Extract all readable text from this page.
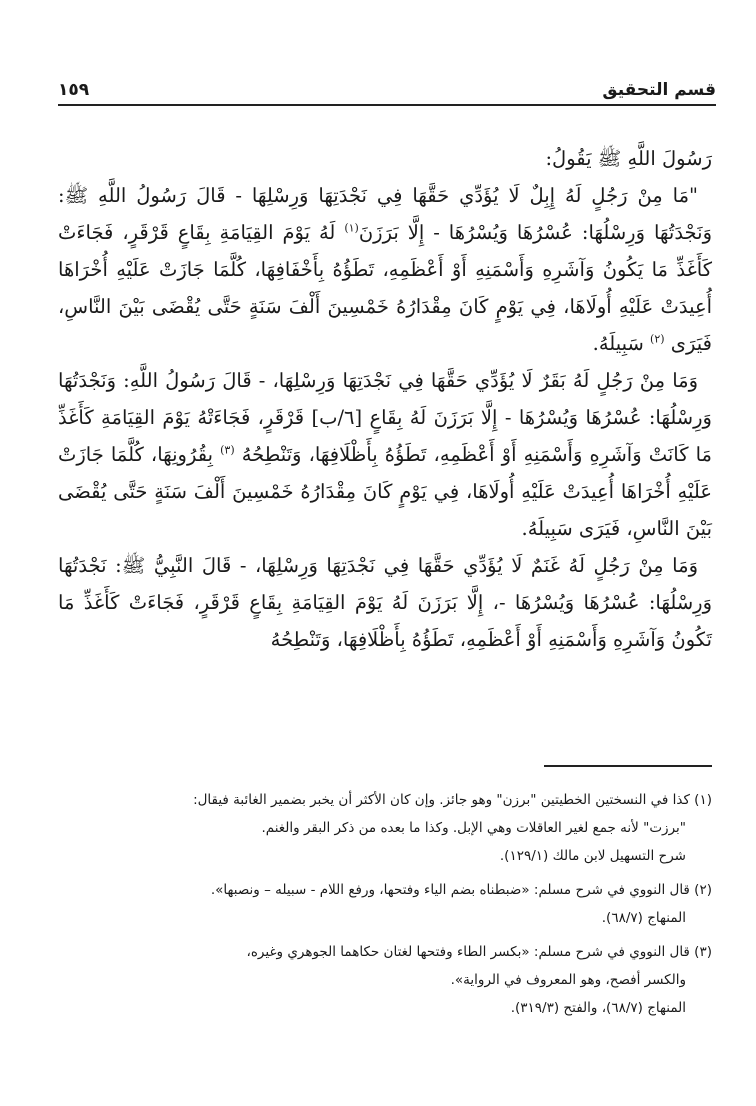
قسم التحقيق
١٥٩

رَسُولَ اللَّهِ ﷺ يَقُولُ:

"مَا مِنْ رَجُلٍ لَهُ إِبِلٌ لَا يُؤَدِّي حَقَّهَا فِي نَجْدَتِهَا وَرِسْلِهَا - قَالَ رَسُولُ اللَّهِ ﷺ: وَنَجْدَتُهَا وَرِسْلُهَا: عُسْرُهَا وَيُسْرُهَا - إِلَّا بَرَزَنَ$^{(١)}$ لَهُ يَوْمَ القِيَامَةِ بِقَاعٍ قَرْقَرٍ، فَجَاءَتْ كَأَغَذِّ مَا يَكُونُ وَآشَرِهِ وَأَسْمَنِهِ أَوْ أَعْظَمِهِ، تَطَؤُهُ بِأَخْفَافِهَا، كُلَّمَا جَازَتْ عَلَيْهِ أُخْرَاهَا أُعِيدَتْ عَلَيْهِ أُولَاهَا، فِي يَوْمٍ كَانَ مِقْدَارُهُ خَمْسِينَ أَلْفَ سَنَةٍ حَتَّى يُقْضَى بَيْنَ النَّاسِ، فَيَرَى $^{(٢)}$ سَبِيلَهُ.

وَمَا مِنْ رَجُلٍ لَهُ بَقَرٌ لَا يُؤَدِّي حَقَّهَا فِي نَجْدَتِهَا وَرِسْلِهَا، - قَالَ رَسُولُ اللَّهِ: وَنَجْدَتُهَا وَرِسْلُهَا: عُسْرُهَا وَيُسْرُهَا - إِلَّا بَرَزَنَ لَهُ بِقَاعٍ [٦/ب] قَرْقَرٍ، فَجَاءَتْهُ يَوْمَ القِيَامَةِ كَأَغَذِّ مَا كَانَتْ وَآشَرِهِ وَأَسْمَنِهِ أَوْ أَعْظَمِهِ، تَطَؤُهُ بِأَظْلَافِهَا، وَتَنْطِحُهُ $^{(٣)}$ بِقُرُونِهَا، كُلَّمَا جَازَتْ عَلَيْهِ أُخْرَاهَا أُعِيدَتْ عَلَيْهِ أُولَاهَا، فِي يَوْمٍ كَانَ مِقْدَارُهُ خَمْسِينَ أَلْفَ سَنَةٍ حَتَّى يُقْضَى بَيْنَ النَّاسِ، فَيَرَى سَبِيلَهُ.

وَمَا مِنْ رَجُلٍ لَهُ غَنَمٌ لَا يُؤَدِّي حَقَّهَا فِي نَجْدَتِهَا وَرِسْلِهَا، - قَالَ النَّبِيُّ ﷺ: نَجْدَتُهَا وَرِسْلُهَا: عُسْرُهَا وَيُسْرُهَا -، إِلَّا بَرَزَنَ لَهُ يَوْمَ القِيَامَةِ بِقَاعٍ قَرْقَرٍ، فَجَاءَتْ كَأَغَذِّ مَا تَكُونُ وَآشَرِهِ وَأَسْمَنِهِ أَوْ أَعْظَمِهِ، تَطَؤُهُ بِأَظْلَافِهَا، وَتَنْطِحُهُ

(١) كذا في النسختين الخطيتين "برزن" وهو جائز. وإن كان الأكثر أن يخبر بضمير الغائبة فيقال:
"برزت" لأنه جمع لغير العاقلات وهي الإبل. وكذا ما بعده من ذكر البقر والغنم.
شرح التسهيل لابن مالك (١٢٩/١).
(٢) قال النووي في شرح مسلم: «ضبطناه بضم الياء وفتحها، ورفع اللام - سبيله – ونصبها».
المنهاج (٦٨/٧).
(٣) قال النووي في شرح مسلم: «بكسر الطاء وفتحها لغتان حكاهما الجوهري وغيره،
والكسر أفصح، وهو المعروف في الرواية».
المنهاج (٦٨/٧)، والفتح (٣١٩/٣).
